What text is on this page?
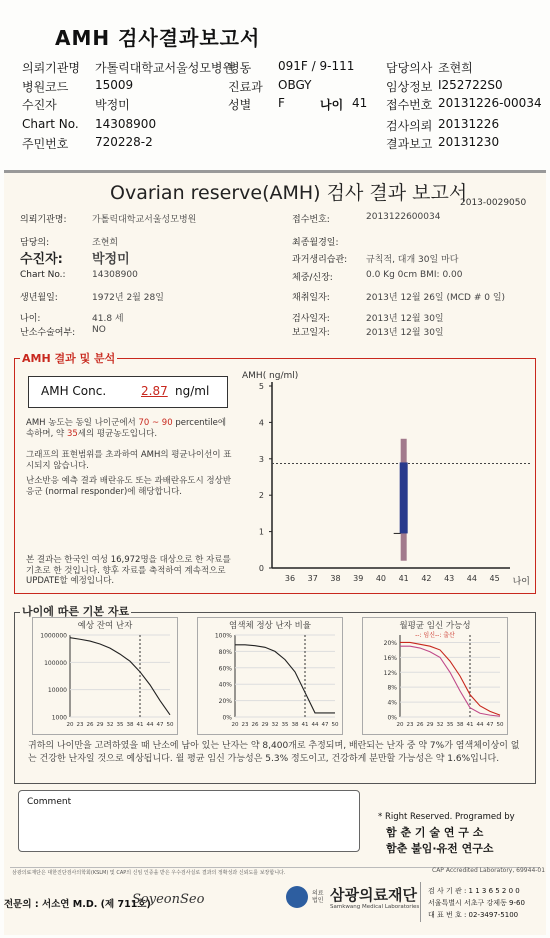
AMH 검사결과보고서
의뢰기관명 가톨릭대학교서울성모병원
병동 091F / 9-111	담당의사 조현희
병원코드 15009	진료과 OBGY	임상정보 I252722S0
수진자	박정미	성별 F	접수번호 20131226-00034
Chart No. 14308900	검사의뢰 20131226
주민번호 720228-2	결과보고 20131230
나이 41
Ovarian reserve(AMH) 검사 결과 보고서
2013-0029050
의뢰기관명:	가톨릭대학교서울성모병원
담당의:	조현희
수진자: 박정미
Chart No.:	14308900
생년월일:	1972년 2월 28일
나이:	41.8 세
난소수술여부: NO
접수번호:	2013122600034
최종월경일:
과거생리습관: 규칙적, 대개 30일 마다
체중/신장:	0.0 Kg 0cm BMI: 0.00
채취일자:	2013년 12월 26일 (MCD # 0 일)
검사일자:	2013년 12월 30일
보고일자:	2013년 12월 30일
AMH 결과 및 분석
AMH Conc.	2.87 ng/ml
AMH 농도는 동일 나이군에서 70 ~ 90 percentile에 속하며, 약 35세의 평균농도입니다.
그래프의 표현범위를 초과하여 AMH의 평균나이선이 표시되지 않습니다.
난소반응 예측 결과 배란유도 또는 과배란유도시 정상반응군 (normal responder)에 해당합니다.
본 결과는 한국인 여성 16,972명을 대상으로 한 자료를 기초로 한 것입니다. 향후 자료를 축적하여 계속적으로 UPDATE할 예정입니다.
AMH( ng/ml)
0
1
2
3
4
5
36 37 38 39 40 41 42 43 44 45 나이
나이에 따른 기본 자료
예상 잔여 난자
1000
10000
100000
1000000
20 23 26 29 32 35 38 41 44 47 50
염색체 정상 난자 비율
0%
20%
40%
60%
80%
100%
20 23 26 29 32 35 38 41 44 47 50
월평균 임신 가능성
0%
4%
8%
12%
16%
20%
20 23 26 29 32 35 38 41 44 47 50
--: 임신--: 출산
귀하의 나이만을 고려하였을 때 난소에 남아 있는 난자는 약 8,400개로 추정되며, 배란되는 난자 중 약 7%가 염색체이상이 없는 건강한 난자일 것으로 예상됩니다. 월 평균 임신 가능성은 5.3% 정도이고, 건강하게 분만할 가능성은 약 1.6%입니다.
Comment
* Right Reserved. Programed by
함 춘 기 술 연 구 소
함춘 불임·유전 연구소
삼광의료재단은 대한진단검사의학회(KSLM) 및 CAP의 신임 인증을 받은 우수검사실로 결과의 정확성과 신뢰도를 보장합니다.	CAP Accredited Laboratory, 69944-01
전문의 : 서소연 M.D. (제 711호)
SoyeonSeo	의료법인 삼광의료재단
Samkwang Medical Laboratories
검 사 기 관 : 1 1 3 6 5 2 0 0
서울특별시 서초구 강제동 9-60
대 표 번 호 : 02-3497-5100
